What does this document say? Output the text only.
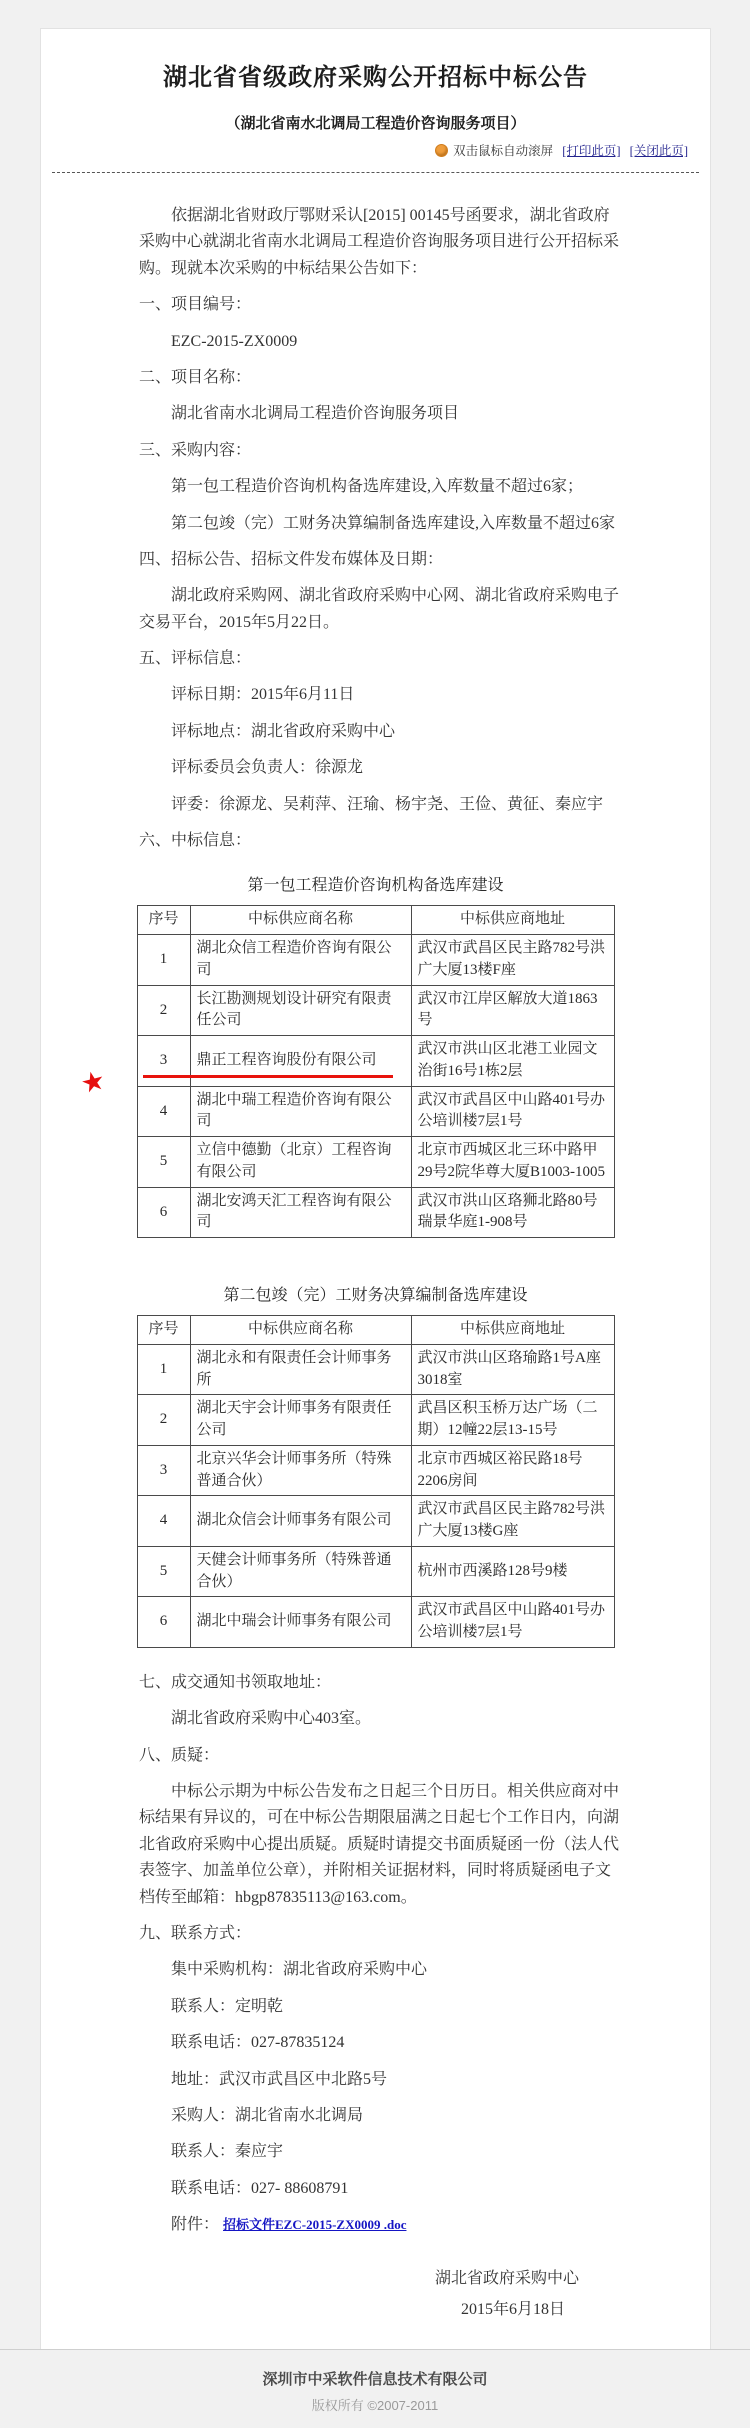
湖北省省级政府采购公开招标中标公告
（湖北省南水北调局工程造价咨询服务项目）
双击鼠标自动滚屏 [打印此页] [关闭此页]
依据湖北省财政厅鄂财采认[2015] 00145号函要求，湖北省政府采购中心就湖北省南水北调局工程造价咨询服务项目进行公开招标采购。现就本次采购的中标结果公告如下：
一、项目编号：
EZC-2015-ZX0009
二、项目名称：
湖北省南水北调局工程造价咨询服务项目
三、采购内容：
第一包工程造价咨询机构备选库建设,入库数量不超过6家；
第二包竣（完）工财务决算编制备选库建设,入库数量不超过6家
四、招标公告、招标文件发布媒体及日期：
湖北政府采购网、湖北省政府采购中心网、湖北省政府采购电子交易平台，2015年5月22日。
五、评标信息：
评标日期：2015年6月11日
评标地点：湖北省政府采购中心
评标委员会负责人：徐源龙
评委：徐源龙、吴莉萍、汪瑜、杨宇尧、王俭、黄征、秦应宇
六、中标信息：
第一包工程造价咨询机构备选库建设
★
序号	中标供应商名称	中标供应商地址
1	湖北众信工程造价咨询有限公司	武汉市武昌区民主路782号洪广大厦13楼F座
2	长江勘测规划设计研究有限责任公司	武汉市江岸区解放大道1863号
3	鼎正工程咨询股份有限公司	武汉市洪山区北港工业园文治街16号1栋2层
4	湖北中瑞工程造价咨询有限公司	武汉市武昌区中山路401号办公培训楼7层1号
5	立信中德勤（北京）工程咨询有限公司	北京市西城区北三环中路甲29号2院华尊大厦B1003-1005
6	湖北安鸿天汇工程咨询有限公司	武汉市洪山区珞狮北路80号瑞景华庭1-908号
第二包竣（完）工财务决算编制备选库建设
序号	中标供应商名称	中标供应商地址
1	湖北永和有限责任会计师事务所	武汉市洪山区珞瑜路1号A座3018室
2	湖北天宇会计师事务有限责任公司	武昌区积玉桥万达广场（二期）12幢22层13-15号
3	北京兴华会计师事务所（特殊普通合伙）	北京市西城区裕民路18号2206房间
4	湖北众信会计师事务有限公司	武汉市武昌区民主路782号洪广大厦13楼G座
5	天健会计师事务所（特殊普通合伙）	杭州市西溪路128号9楼
6	湖北中瑞会计师事务有限公司	武汉市武昌区中山路401号办公培训楼7层1号
七、成交通知书领取地址：
湖北省政府采购中心403室。
八、质疑：
中标公示期为中标公告发布之日起三个日历日。相关供应商对中标结果有异议的，可在中标公告期限届满之日起七个工作日内，向湖北省政府采购中心提出质疑。质疑时请提交书面质疑函一份（法人代表签字、加盖单位公章），并附相关证据材料，同时将质疑函电子文档传至邮箱：hbgp87835113@163.com。
九、联系方式：
集中采购机构：湖北省政府采购中心
联系人：定明乾
联系电话：027-87835124
地址：武汉市武昌区中北路5号
采购人：湖北省南水北调局
联系人：秦应宇
联系电话：027- 88608791
附件： 招标文件EZC-2015-ZX0009 .doc
湖北省政府采购中心
2015年6月18日
深圳市中采软件信息技术有限公司
版权所有 ©2007-2011
